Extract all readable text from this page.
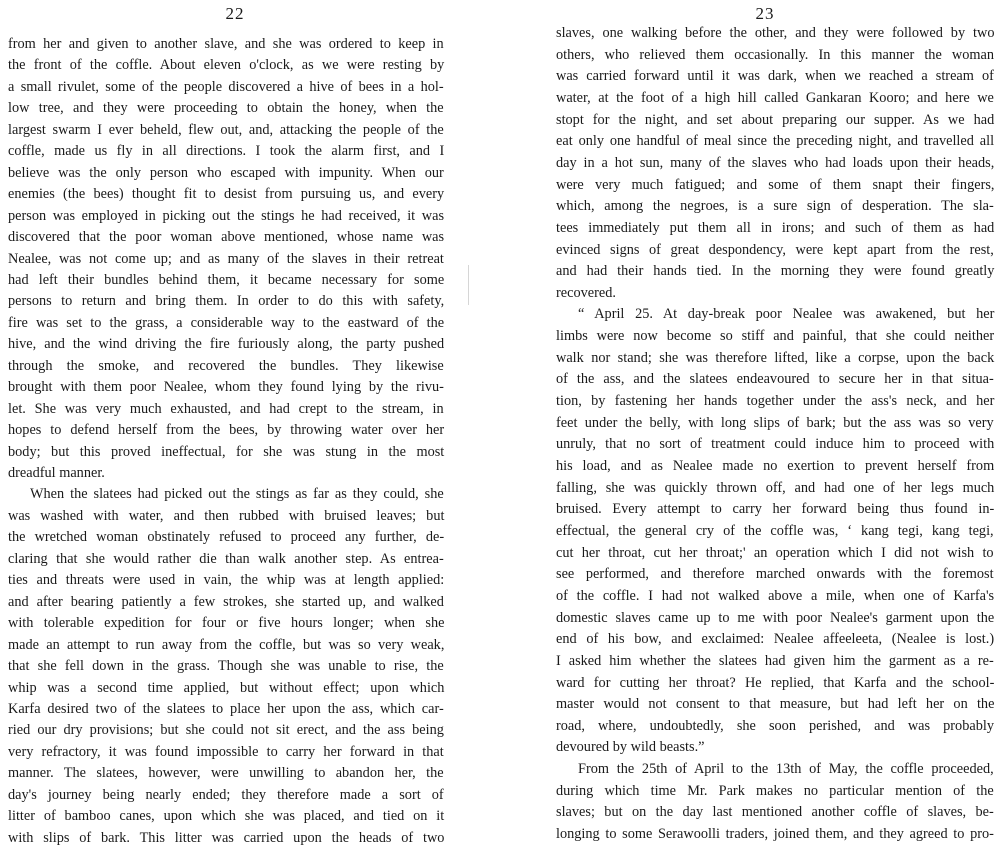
22
from her and given to another slave, and she was ordered to keep in
the front of the coffle. About eleven o'clock, as we were resting by
a small rivulet, some of the people discovered a hive of bees in a hol-
low tree, and they were proceeding to obtain the honey, when the
largest swarm I ever beheld, flew out, and, attacking the people of the
coffle, made us fly in all directions. I took the alarm first, and I
believe was the only person who escaped with impunity. When our
enemies (the bees) thought fit to desist from pursuing us, and every
person was employed in picking out the stings he had received, it was
discovered that the poor woman above mentioned, whose name was
Nealee, was not come up; and as many of the slaves in their retreat
had left their bundles behind them, it became necessary for some
persons to return and bring them. In order to do this with safety,
fire was set to the grass, a considerable way to the eastward of the
hive, and the wind driving the fire furiously along, the party pushed
through the smoke, and recovered the bundles. They likewise
brought with them poor Nealee, whom they found lying by the rivu-
let. She was very much exhausted, and had crept to the stream, in
hopes to defend herself from the bees, by throwing water over her
body; but this proved ineffectual, for she was stung in the most
dreadful manner.
When the slatees had picked out the stings as far as they could, she
was washed with water, and then rubbed with bruised leaves; but
the wretched woman obstinately refused to proceed any further, de-
claring that she would rather die than walk another step. As entrea-
ties and threats were used in vain, the whip was at length applied:
and after bearing patiently a few strokes, she started up, and walked
with tolerable expedition for four or five hours longer; when she
made an attempt to run away from the coffle, but was so very weak,
that she fell down in the grass. Though she was unable to rise, the
whip was a second time applied, but without effect; upon which
Karfa desired two of the slatees to place her upon the ass, which car-
ried our dry provisions; but she could not sit erect, and the ass being
very refractory, it was found impossible to carry her forward in that
manner. The slatees, however, were unwilling to abandon her, the
day's journey being nearly ended; they therefore made a sort of
litter of bamboo canes, upon which she was placed, and tied on it
with slips of bark. This litter was carried upon the heads of two
23
slaves, one walking before the other, and they were followed by two
others, who relieved them occasionally. In this manner the woman
was carried forward until it was dark, when we reached a stream of
water, at the foot of a high hill called Gankaran Kooro; and here we
stopt for the night, and set about preparing our supper. As we had
eat only one handful of meal since the preceding night, and travelled all
day in a hot sun, many of the slaves who had loads upon their heads,
were very much fatigued; and some of them snapt their fingers,
which, among the negroes, is a sure sign of desperation. The sla-
tees immediately put them all in irons; and such of them as had
evinced signs of great despondency, were kept apart from the rest,
and had their hands tied. In the morning they were found greatly
recovered.
“ April 25. At day-break poor Nealee was awakened, but her
limbs were now become so stiff and painful, that she could neither
walk nor stand; she was therefore lifted, like a corpse, upon the back
of the ass, and the slatees endeavoured to secure her in that situa-
tion, by fastening her hands together under the ass's neck, and her
feet under the belly, with long slips of bark; but the ass was so very
unruly, that no sort of treatment could induce him to proceed with
his load, and as Nealee made no exertion to prevent herself from
falling, she was quickly thrown off, and had one of her legs much
bruised. Every attempt to carry her forward being thus found in-
effectual, the general cry of the coffle was, ‘ kang tegi, kang tegi,
cut her throat, cut her throat;' an operation which I did not wish to
see performed, and therefore marched onwards with the foremost
of the coffle. I had not walked above a mile, when one of Karfa's
domestic slaves came up to me with poor Nealee's garment upon the
end of his bow, and exclaimed: Nealee affeeleeta, (Nealee is lost.)
I asked him whether the slatees had given him the garment as a re-
ward for cutting her throat? He replied, that Karfa and the school-
master would not consent to that measure, but had left her on the
road, where, undoubtedly, she soon perished, and was probably
devoured by wild beasts.”
From the 25th of April to the 13th of May, the coffle proceeded,
during which time Mr. Park makes no particular mention of the
slaves; but on the day last mentioned another coffle of slaves, be-
longing to some Serawoolli traders, joined them, and they agreed to pro-
